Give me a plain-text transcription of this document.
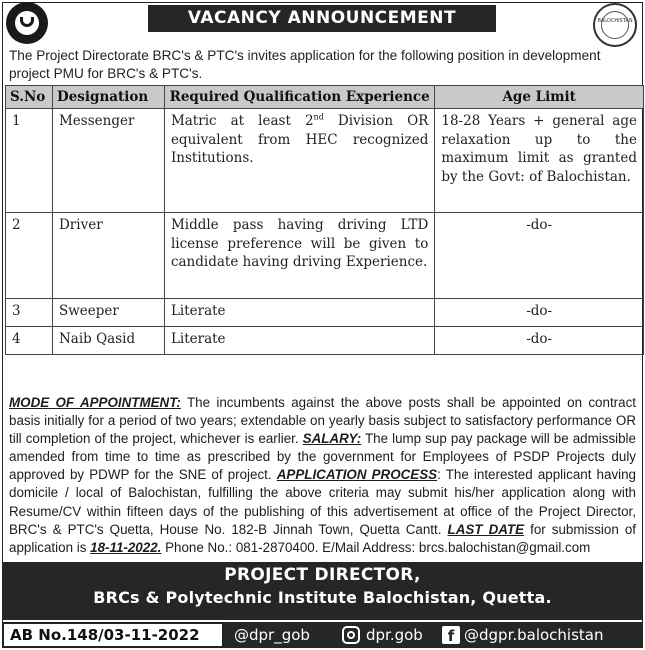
VACANCY ANNOUNCEMENT	BALOCHISTAN

The Project Directorate BRC's & PTC's invites application for the following position in development project PMU for BRC's & PTC's.

S.No	Designation	Required Qualification Experience	Age Limit
1	Messenger	Matric at least 2nd Division OR equivalent from HEC recognized Institutions.	18-28 Years + general age relaxation up to the maximum limit as granted by the Govt: of Balochistan.
2	Driver	Middle pass having driving LTD license preference will be given to candidate having driving Experience.	-do-
3	Sweeper	Literate	-do-
4	Naib Qasid	Literate	-do-

MODE OF APPOINTMENT: The incumbents against the above posts shall be appointed on contract basis initially for a period of two years; extendable on yearly basis subject to satisfactory performance OR till completion of the project, whichever is earlier. SALARY: The lump sup pay package will be admissible amended from time to time as prescribed by the government for Employees of PSDP Projects duly approved by PDWP for the SNE of project. APPLICATION PROCESS: The interested applicant having domicile / local of Balochistan, fulfilling the above criteria may submit his/her application along with Resume/CV within fifteen days of the publishing of this advertisement at office of the Project Director, BRC's & PTC's Quetta, House No. 182-B Jinnah Town, Quetta Cantt. LAST DATE for submission of application is 18-11-2022. Phone No.: 081-2870400. E/Mail Address: brcs.balochistan@gmail.com

PROJECT DIRECTOR,
BRCs & Polytechnic Institute Balochistan, Quetta.
AB No.148/03-11-2022	@dpr_gob	dpr.gob	f @dgpr.balochistan
